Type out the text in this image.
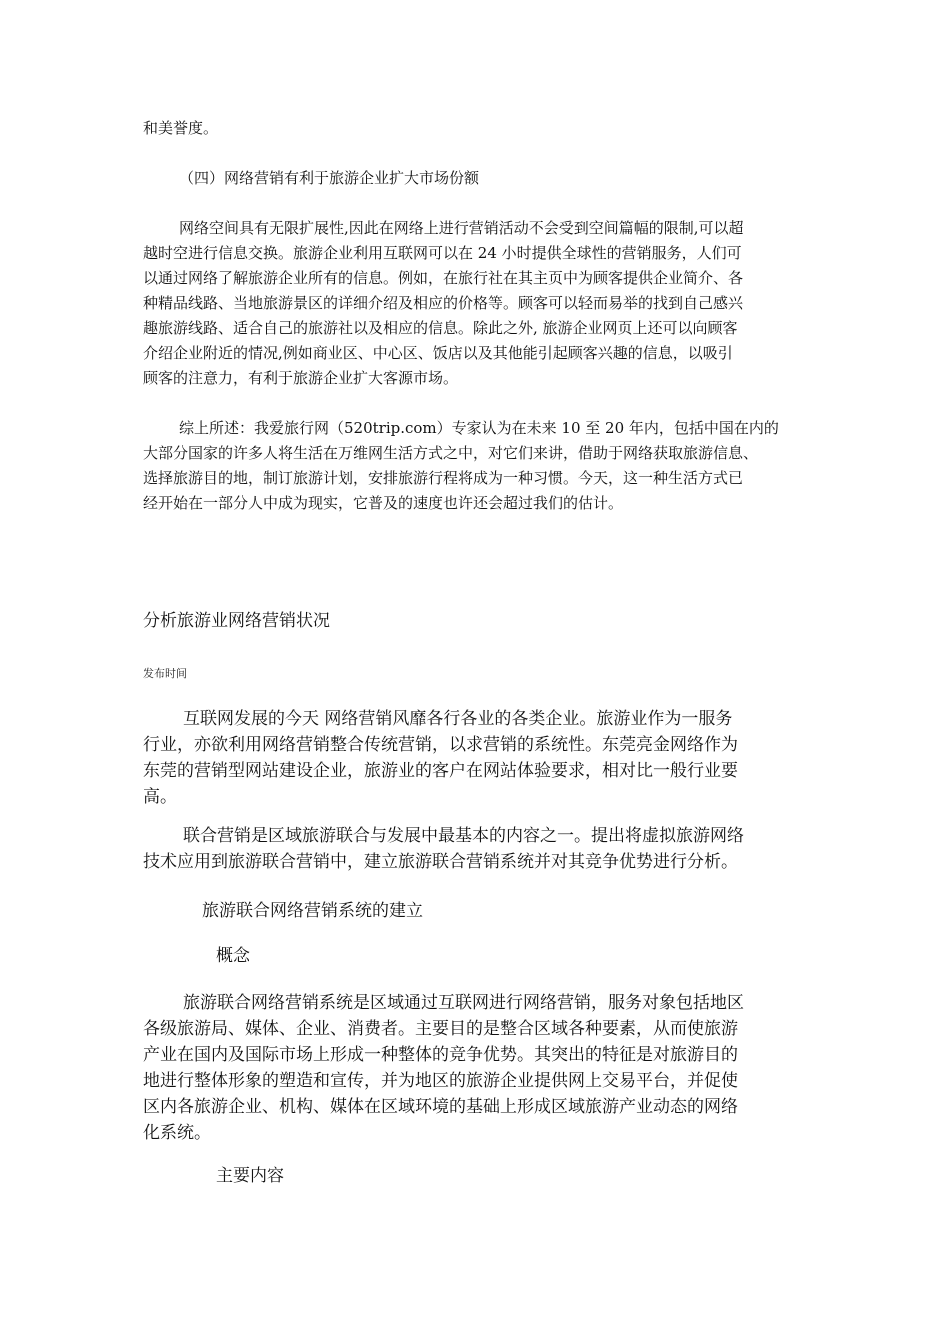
和美誉度。

（四）网络营销有利于旅游企业扩大市场份额

网络空间具有无限扩展性,因此在网络上进行营销活动不会受到空间篇幅的限制,可以超
越时空进行信息交换。旅游企业利用互联网可以在 24 小时提供全球性的营销服务，人们可
以通过网络了解旅游企业所有的信息。例如，在旅行社在其主页中为顾客提供企业简介、各
种精品线路、当地旅游景区的详细介绍及相应的价格等。顾客可以轻而易举的找到自己感兴
趣旅游线路、适合自己的旅游社以及相应的信息。除此之外, 旅游企业网页上还可以向顾客
介绍企业附近的情况,例如商业区、中心区、饭店以及其他能引起顾客兴趣的信息，以吸引
顾客的注意力，有利于旅游企业扩大客源市场。
综上所述：我爱旅行网（520trip.com）专家认为在未来 10 至 20 年内，包括中国在内的
大部分国家的许多人将生活在万维网生活方式之中，对它们来讲，借助于网络获取旅游信息、
选择旅游目的地，制订旅游计划，安排旅游行程将成为一种习惯。今天，这一种生活方式已
经开始在一部分人中成为现实，它普及的速度也许还会超过我们的估计。

分析旅游业网络营销状况

发布时间

互联网发展的今天 网络营销风靡各行各业的各类企业。旅游业作为一服务
行业，亦欲利用网络营销整合传统营销，以求营销的系统性。东莞亮金网络作为
东莞的营销型网站建设企业，旅游业的客户在网站体验要求，相对比一般行业要
高。
联合营销是区域旅游联合与发展中最基本的内容之一。提出将虚拟旅游网络
技术应用到旅游联合营销中，建立旅游联合营销系统并对其竞争优势进行分析。

旅游联合网络营销系统的建立

概念

旅游联合网络营销系统是区域通过互联网进行网络营销，服务对象包括地区
各级旅游局、媒体、企业、消费者。主要目的是整合区域各种要素，从而使旅游
产业在国内及国际市场上形成一种整体的竞争优势。其突出的特征是对旅游目的
地进行整体形象的塑造和宣传，并为地区的旅游企业提供网上交易平台，并促使
区内各旅游企业、机构、媒体在区域环境的基础上形成区域旅游产业动态的网络
化系统。

主要内容
